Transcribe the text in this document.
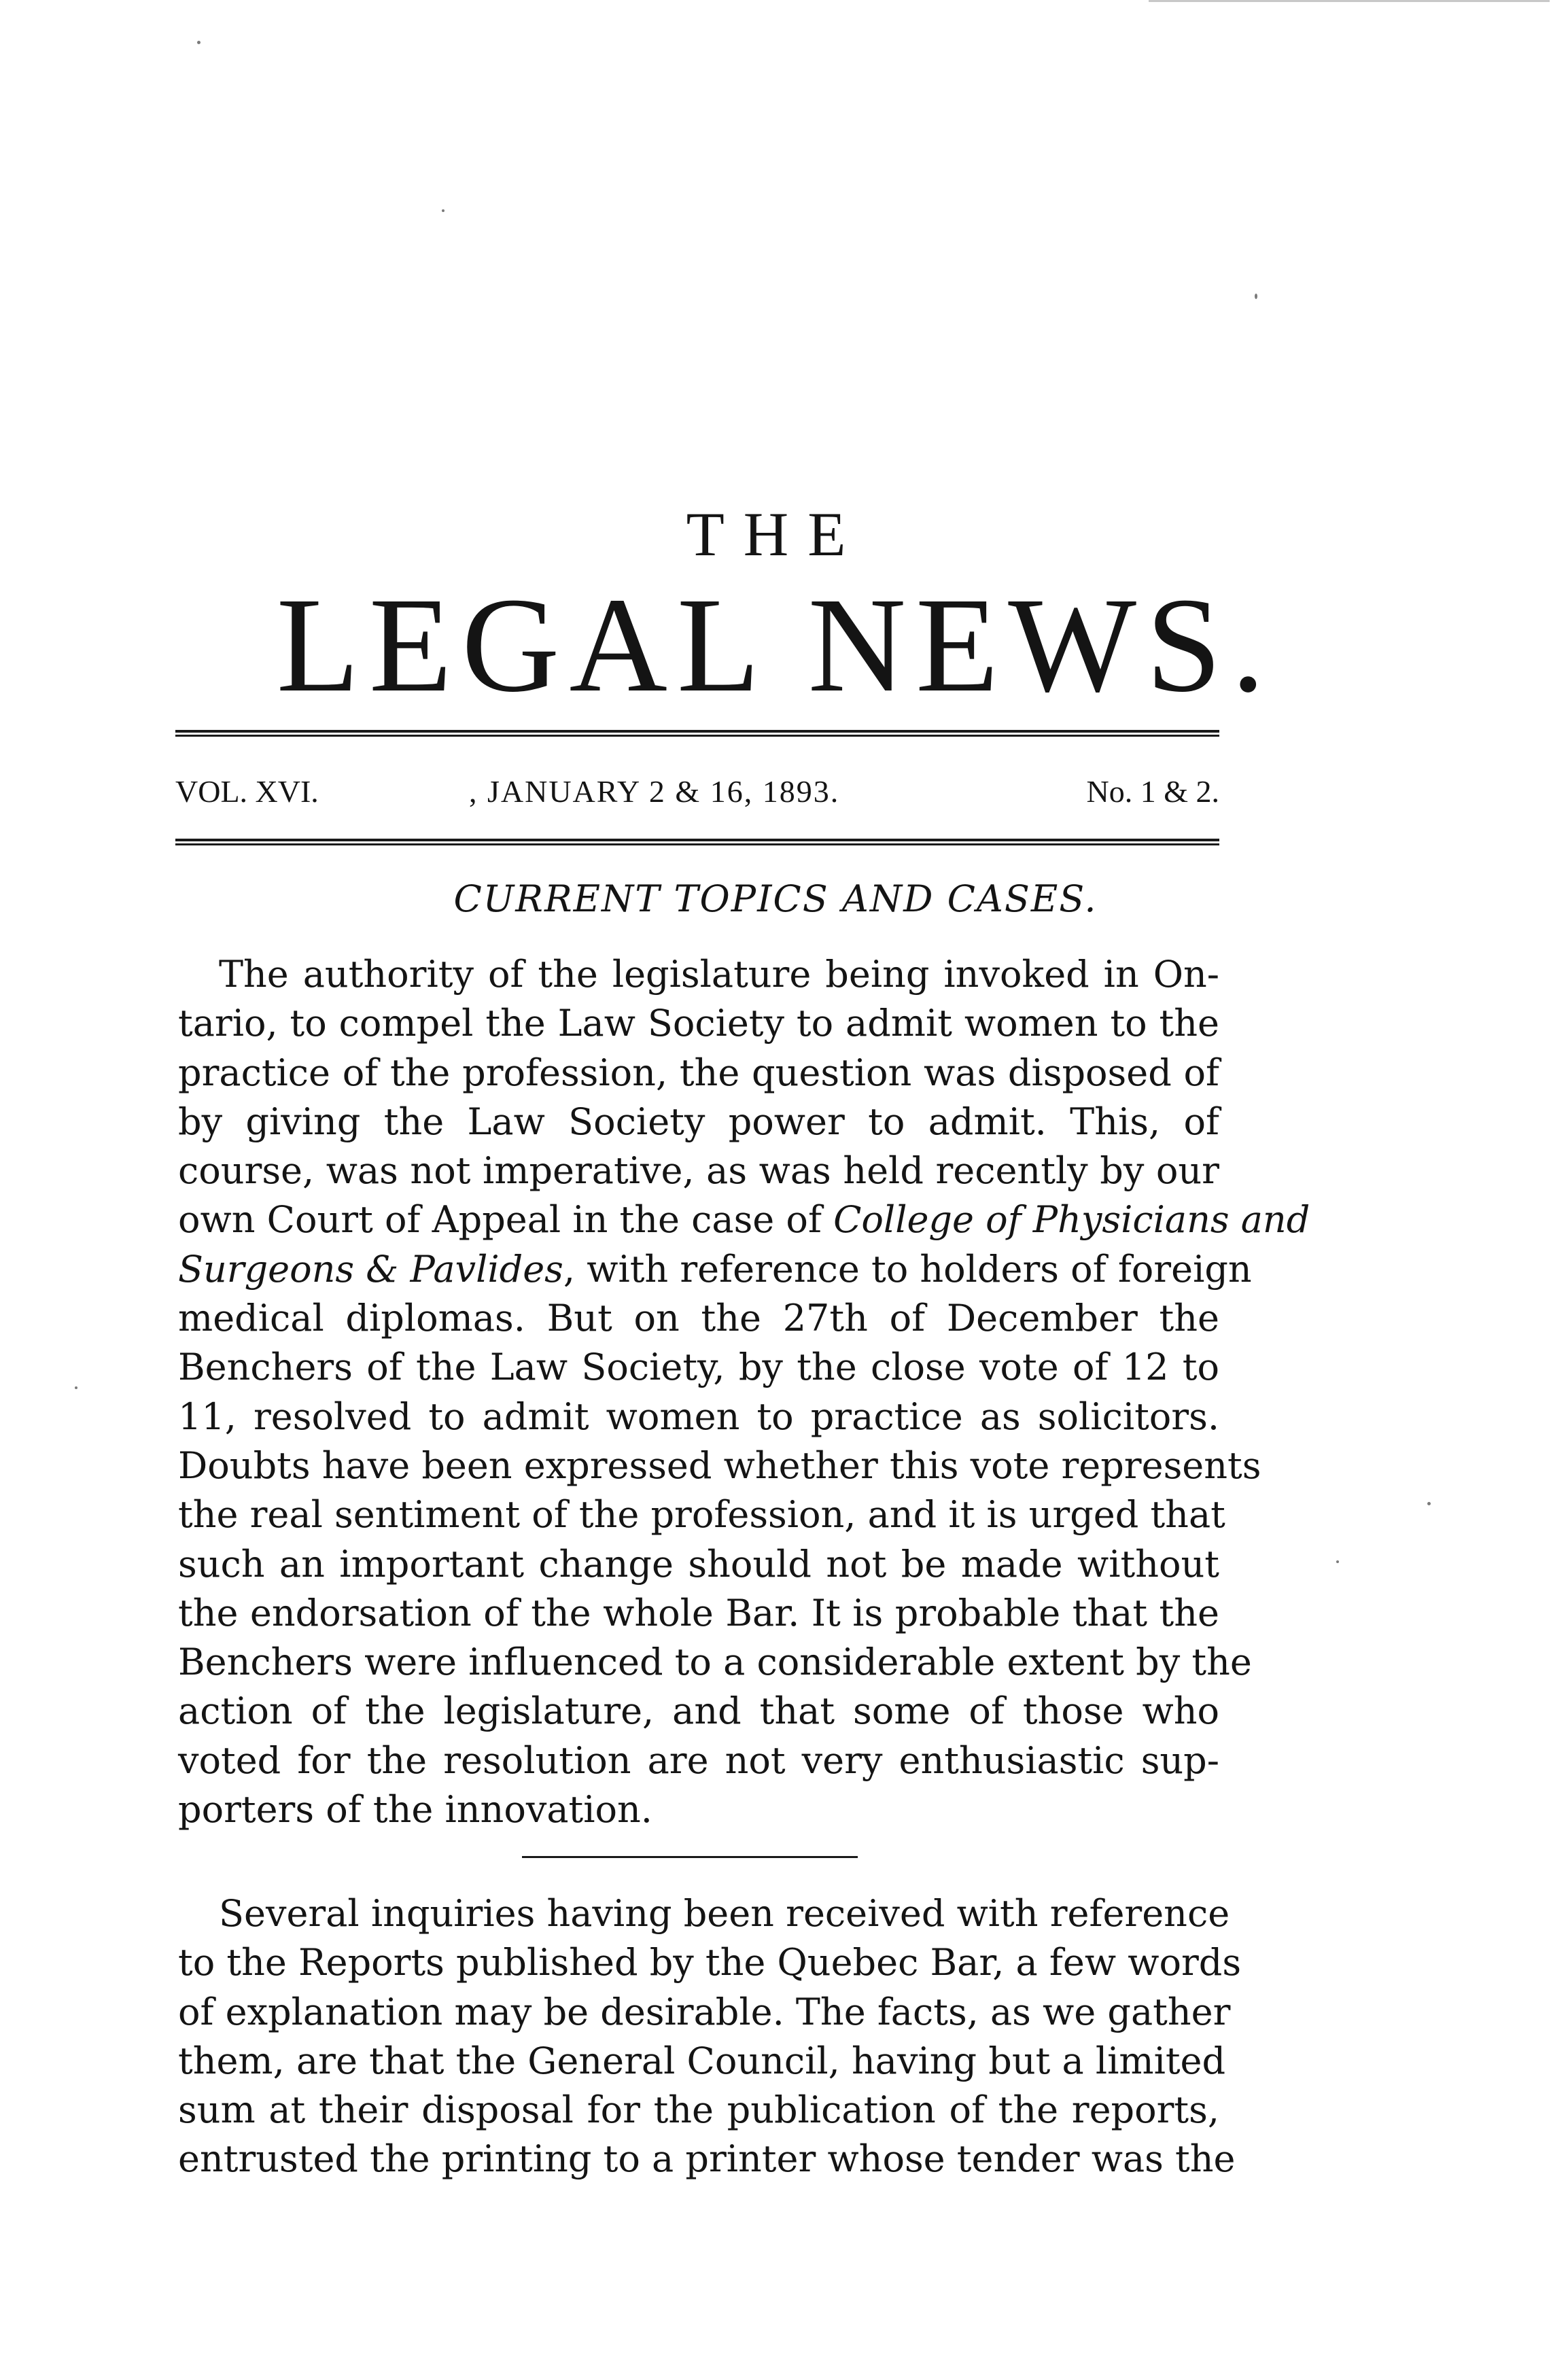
THE
LEGAL NEWS.
VOL. XVI.	, JANUARY 2 & 16, 1893.	No. 1 & 2.
CURRENT TOPICS AND CASES.
The authority of the legislature being invoked in On-
tario, to compel the Law Society to admit women to the
practice of the profession, the question was disposed of
by giving the Law Society power to admit. This, of
course, was not imperative, as was held recently by our
own Court of Appeal in the case of College of Physicians and
Surgeons & Pavlides, with reference to holders of foreign
medical diplomas. But on the 27th of December the
Benchers of the Law Society, by the close vote of 12 to
11, resolved to admit women to practice as solicitors.
Doubts have been expressed whether this vote represents
the real sentiment of the profession, and it is urged that
such an important change should not be made without
the endorsation of the whole Bar. It is probable that the
Benchers were influenced to a considerable extent by the
action of the legislature, and that some of those who
voted for the resolution are not very enthusiastic sup-
porters of the innovation.
Several inquiries having been received with reference
to the Reports published by the Quebec Bar, a few words
of explanation may be desirable. The facts, as we gather
them, are that the General Council, having but a limited
sum at their disposal for the publication of the reports,
entrusted the printing to a printer whose tender was the
